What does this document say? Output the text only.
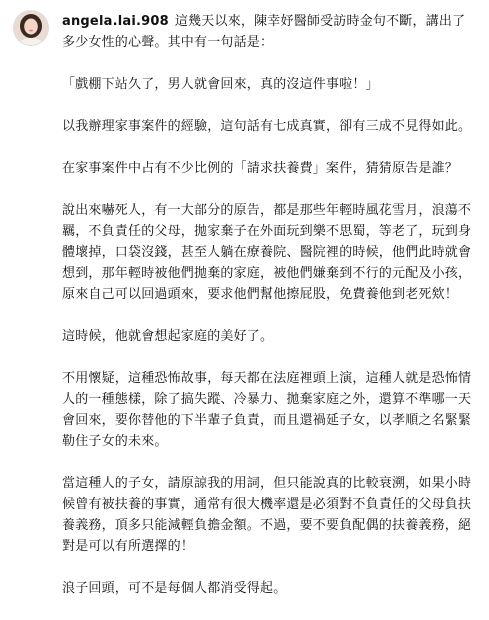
angela.lai.908 這幾天以來，陳幸妤醫師受訪時金句不斷，講出了多少女性的心聲。其中有一句話是：

「戲棚下站久了，男人就會回來，真的沒這件事啦！」

以我辦理家事案件的經驗，這句話有七成真實，卻有三成不見得如此。

在家事案件中占有不少比例的「請求扶養費」案件，猜猜原告是誰？

說出來嚇死人，有一大部分的原告，都是那些年輕時風花雪月，浪蕩不羈，不負責任的父母，拋家棄子在外面玩到樂不思蜀，等老了，玩到身體壞掉，口袋沒錢，甚至人躺在療養院、醫院裡的時候，他們此時就會想到，那年輕時被他們拋棄的家庭，被他們嫌棄到不行的元配及小孩，原來自己可以回過頭來，要求他們幫他擦屁股，免費養他到老死欸！

這時候，他就會想起家庭的美好了。

不用懷疑，這種恐怖故事，每天都在法庭裡頭上演，這種人就是恐怖情人的一種態樣，除了搞失蹤、冷暴力、拋棄家庭之外，還算不準哪一天會回來，要你替他的下半輩子負責，而且還禍延子女，以孝順之名緊緊勒住子女的未來。

當這種人的子女，請原諒我的用詞，但只能說真的比較衰溯，如果小時候曾有被扶養的事實，通常有很大機率還是必須對不負責任的父母負扶養義務，頂多只能減輕負擔金額。不過，要不要負配偶的扶養義務，絕對是可以有所選擇的！

浪子回頭，可不是每個人都消受得起。
